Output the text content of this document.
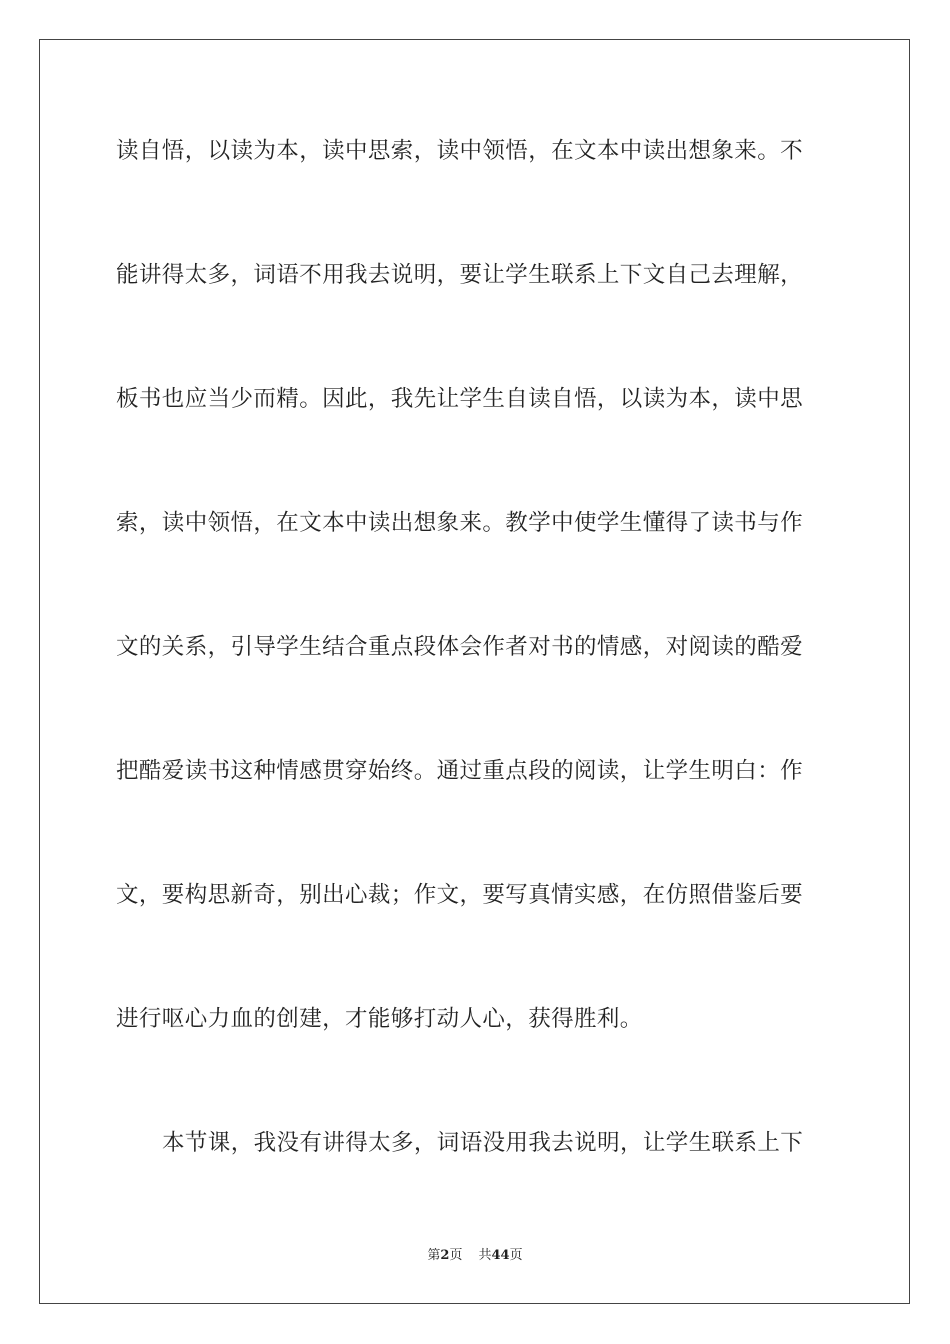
读自悟，以读为本，读中思索，读中领悟，在文本中读出想象来。不
能讲得太多，词语不用我去说明，要让学生联系上下文自己去理解，
板书也应当少而精。因此，我先让学生自读自悟，以读为本，读中思
索，读中领悟，在文本中读出想象来。教学中使学生懂得了读书与作
文的关系，引导学生结合重点段体会作者对书的情感，对阅读的酷爱
把酷爱读书这种情感贯穿始终。通过重点段的阅读，让学生明白：作
文，要构思新奇，别出心裁；作文，要写真情实感，在仿照借鉴后要
进行呕心力血的创建，才能够打动人心，获得胜利。
本节课，我没有讲得太多，词语没用我去说明，让学生联系上下
第2页 共44页
